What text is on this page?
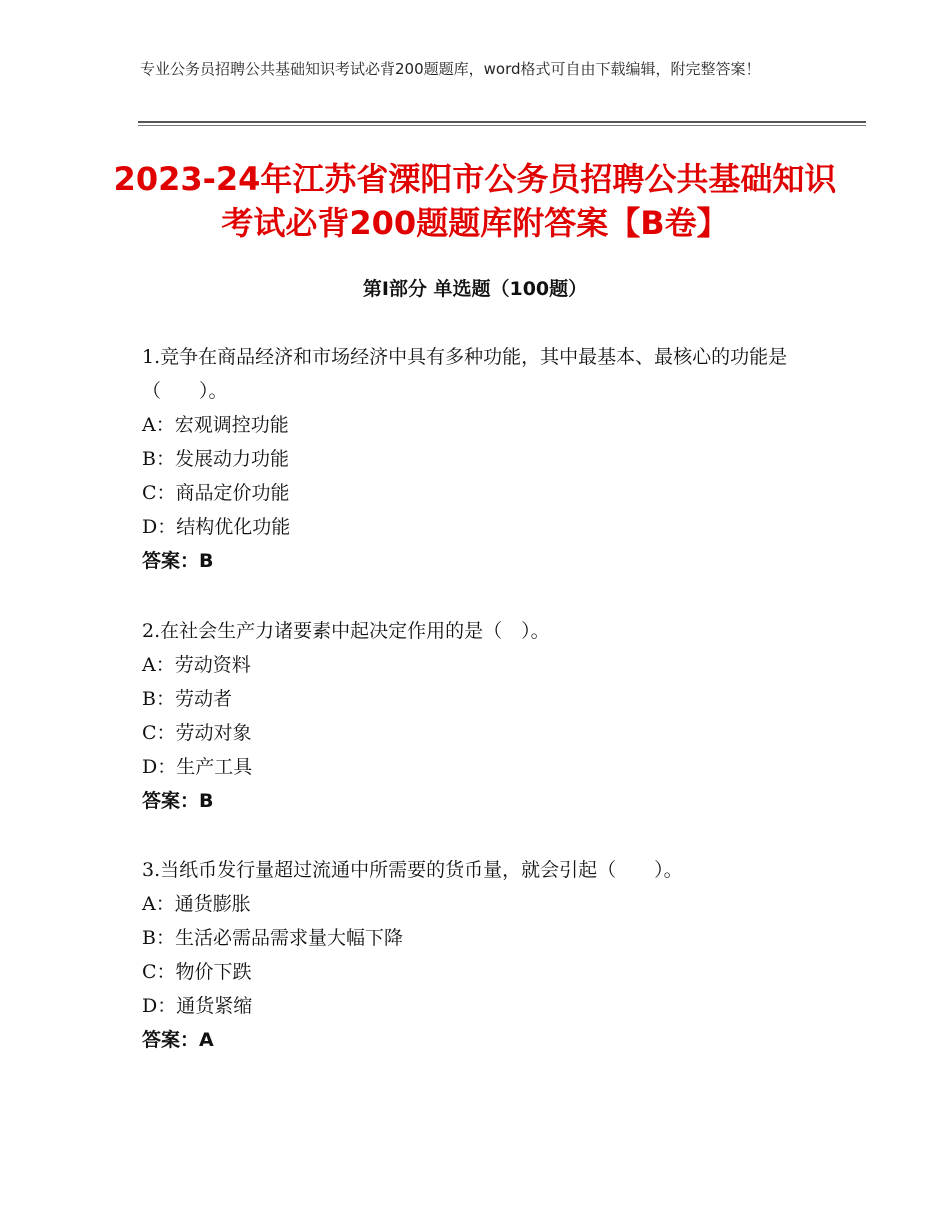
专业公务员招聘公共基础知识考试必背200题题库，word格式可自由下载编辑，附完整答案！
2023-24年江苏省溧阳市公务员招聘公共基础知识考试必背200题题库附答案【B卷】
第Ⅰ部分 单选题（100题）

1.竞争在商品经济和市场经济中具有多种功能，其中最基本、最核心的功能是（　　）。

A：宏观调控功能
B：发展动力功能
C：商品定价功能
D：结构优化功能
答案：B

2.在社会生产力诸要素中起决定作用的是（　）。

A：劳动资料
B：劳动者
C：劳动对象
D：生产工具
答案：B

3.当纸币发行量超过流通中所需要的货币量，就会引起（　　）。

A：通货膨胀
B：生活必需品需求量大幅下降
C：物价下跌
D：通货紧缩
答案：A
